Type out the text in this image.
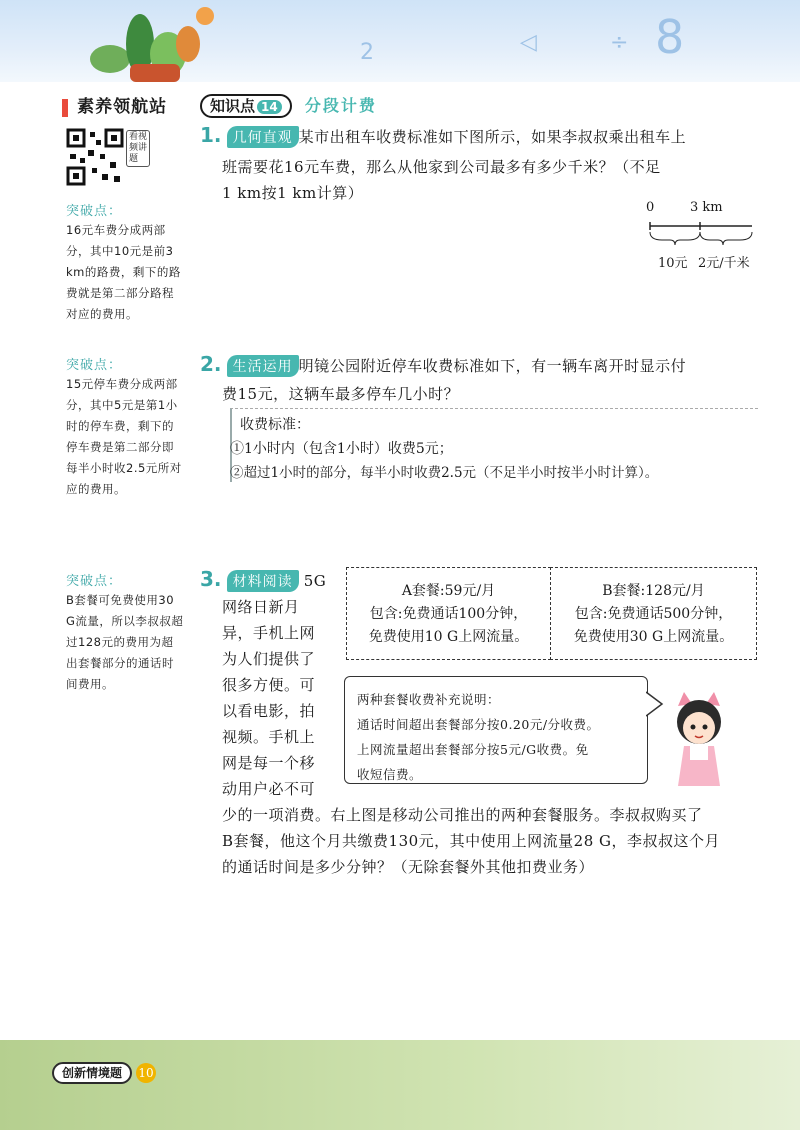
2	◁	÷ 8
素养领航站
看视频讲题
突破点：
16元车费分成两部分，其中10元是前3 km的路费，剩下的路费就是第二部分路程对应的费用。
突破点：
15元停车费分成两部分，其中5元是第1小时的停车费，剩下的停车费是第二部分即每半小时收2.5元所对应的费用。
突破点：
B套餐可免费使用30 G流量，所以李叔叔超过128元的费用为超出套餐部分的通话时间费用。
知识点 14 分段计费
1. 几何直观 某市出租车收费标准如下图所示，如果李叔叔乘出租车上
班需要花16元车费，那么从他家到公司最多有多少千米？（不足
1 km按1 km计算）
0	3 km
10元 2元/千米
2. 生活运用 明镜公园附近停车收费标准如下，有一辆车离开时显示付
费15元，这辆车最多停车几小时？
收费标准：
①1小时内（包含1小时）收费5元；
②超过1小时的部分，每半小时收费2.5元（不足半小时按半小时计算）。
3. 材料阅读 5G
网络日新月
异，手机上网
为人们提供了
很多方便。可
以看电影，拍
视频。手机上
网是每一个移
动用户必不可
少的一项消费。右上图是移动公司推出的两种套餐服务。李叔叔购买了
B套餐，他这个月共缴费130元，其中使用上网流量28 G，李叔叔这个月
的通话时间是多少分钟？（无除套餐外其他扣费业务）
A套餐:59元/月
包含:免费通话100分钟，
免费使用10 G上网流量。
B套餐:128元/月
包含:免费通话500分钟，
免费使用30 G上网流量。
两种套餐收费补充说明：
通话时间超出套餐部分按0.20元/分收费。
上网流量超出套餐部分按5元/G收费。免
收短信费。
创新情境题 10
